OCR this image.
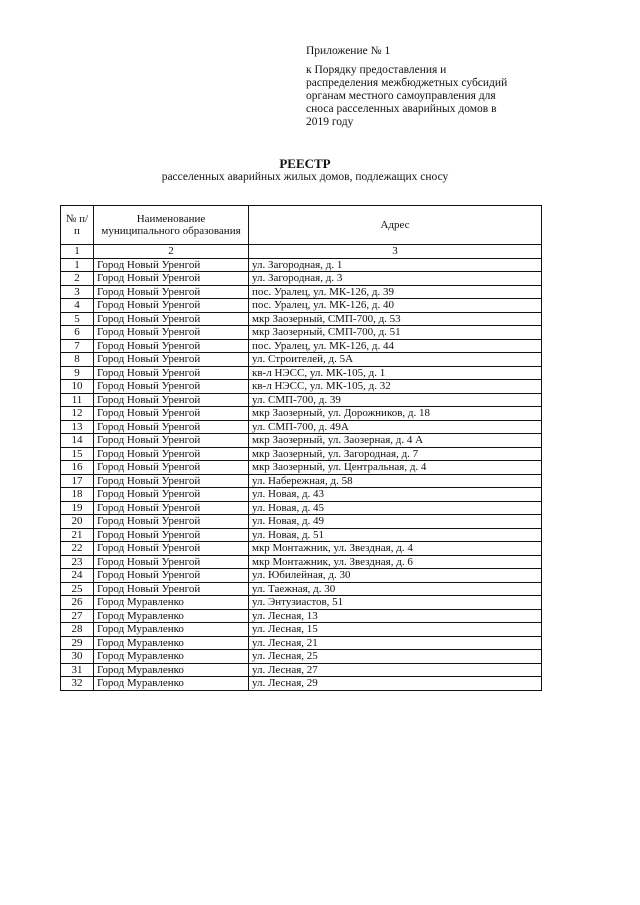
Приложение № 1
к Порядку предоставления и
распределения межбюджетных субсидий
органам местного самоуправления для
сноса расселенных аварийных домов в
2019 году
РЕЕСТР
расселенных аварийных жилых домов, подлежащих сносу
№ п/п	Наименование муниципального образования	Адрес
1	2	3
1	Город Новый Уренгой	ул. Загородная, д. 1
2	Город Новый Уренгой	ул. Загородная, д. 3
3	Город Новый Уренгой	пос. Уралец, ул. МК-126, д. 39
4	Город Новый Уренгой	пос. Уралец, ул. МК-126, д. 40
5	Город Новый Уренгой	мкр Заозерный, СМП-700, д. 53
6	Город Новый Уренгой	мкр Заозерный, СМП-700, д. 51
7	Город Новый Уренгой	пос. Уралец, ул. МК-126, д. 44
8	Город Новый Уренгой	ул. Строителей, д. 5А
9	Город Новый Уренгой	кв-л НЭСС, ул. МК-105, д. 1
10	Город Новый Уренгой	кв-л НЭСС, ул. МК-105, д. 32
11	Город Новый Уренгой	ул. СМП-700, д. 39
12	Город Новый Уренгой	мкр Заозерный, ул. Дорожников, д. 18
13	Город Новый Уренгой	ул. СМП-700, д. 49А
14	Город Новый Уренгой	мкр Заозерный, ул. Заозерная, д. 4 А
15	Город Новый Уренгой	мкр Заозерный, ул. Загородная, д. 7
16	Город Новый Уренгой	мкр Заозерный, ул. Центральная, д. 4
17	Город Новый Уренгой	ул. Набережная, д. 58
18	Город Новый Уренгой	ул. Новая, д. 43
19	Город Новый Уренгой	ул. Новая, д. 45
20	Город Новый Уренгой	ул. Новая, д. 49
21	Город Новый Уренгой	ул. Новая, д. 51
22	Город Новый Уренгой	мкр Монтажник, ул. Звездная, д. 4
23	Город Новый Уренгой	мкр Монтажник, ул. Звездная, д. 6
24	Город Новый Уренгой	ул. Юбилейная, д. 30
25	Город Новый Уренгой	ул. Таежная, д. 30
26	Город Муравленко	ул. Энтузиастов, 51
27	Город Муравленко	ул. Лесная, 13
28	Город Муравленко	ул. Лесная, 15
29	Город Муравленко	ул. Лесная, 21
30	Город Муравленко	ул. Лесная, 25
31	Город Муравленко	ул. Лесная, 27
32	Город Муравленко	ул. Лесная, 29
